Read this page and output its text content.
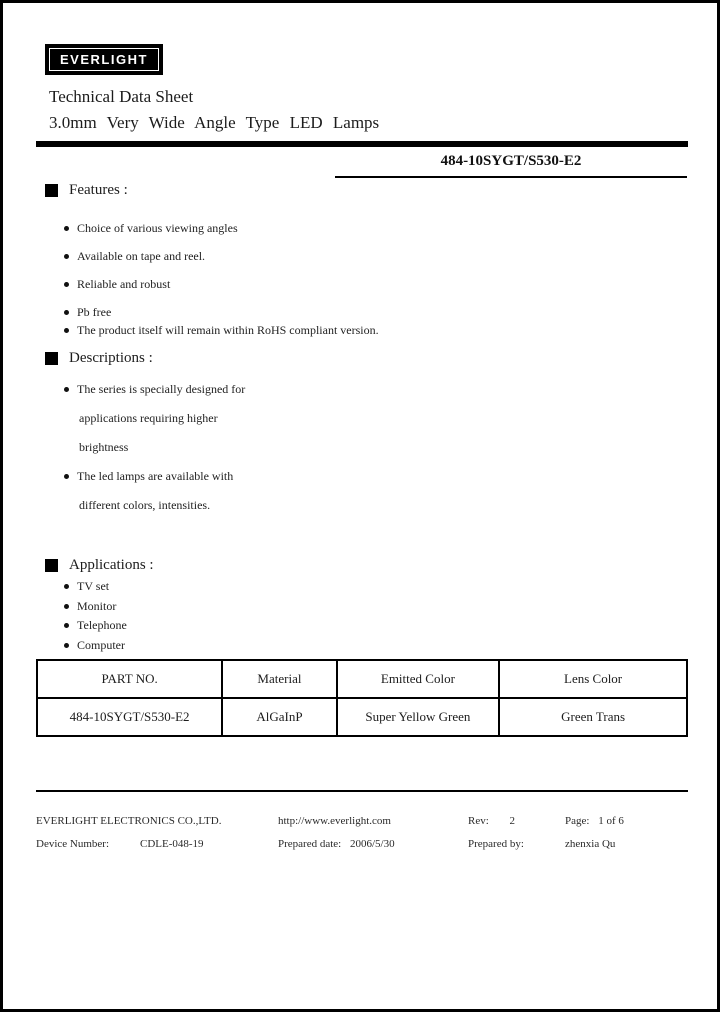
EVERLIGHT
Technical Data Sheet
3.0mm Very Wide Angle Type LED Lamps
484-10SYGT/S530-E2
Features :
Choice of various viewing angles
Available on tape and reel.
Reliable and robust
Pb free
The product itself will remain within RoHS compliant version.
Descriptions :
The series is specially designed for
applications requiring higher
brightness
The led lamps are available with
different colors, intensities.
Applications :
TV set
Monitor
Telephone
Computer
PART NO.	Material	Emitted Color	Lens Color
484-10SYGT/S530-E2	AlGaInP	Super Yellow Green	Green Trans
EVERLIGHT ELECTRONICS CO.,LTD.	http://www.everlight.com	Rev: 2	Page: 1 of 6
Device Number:	CDLE-048-19	Prepared date: 2006/5/30	Prepared by:	zhenxia Qu
